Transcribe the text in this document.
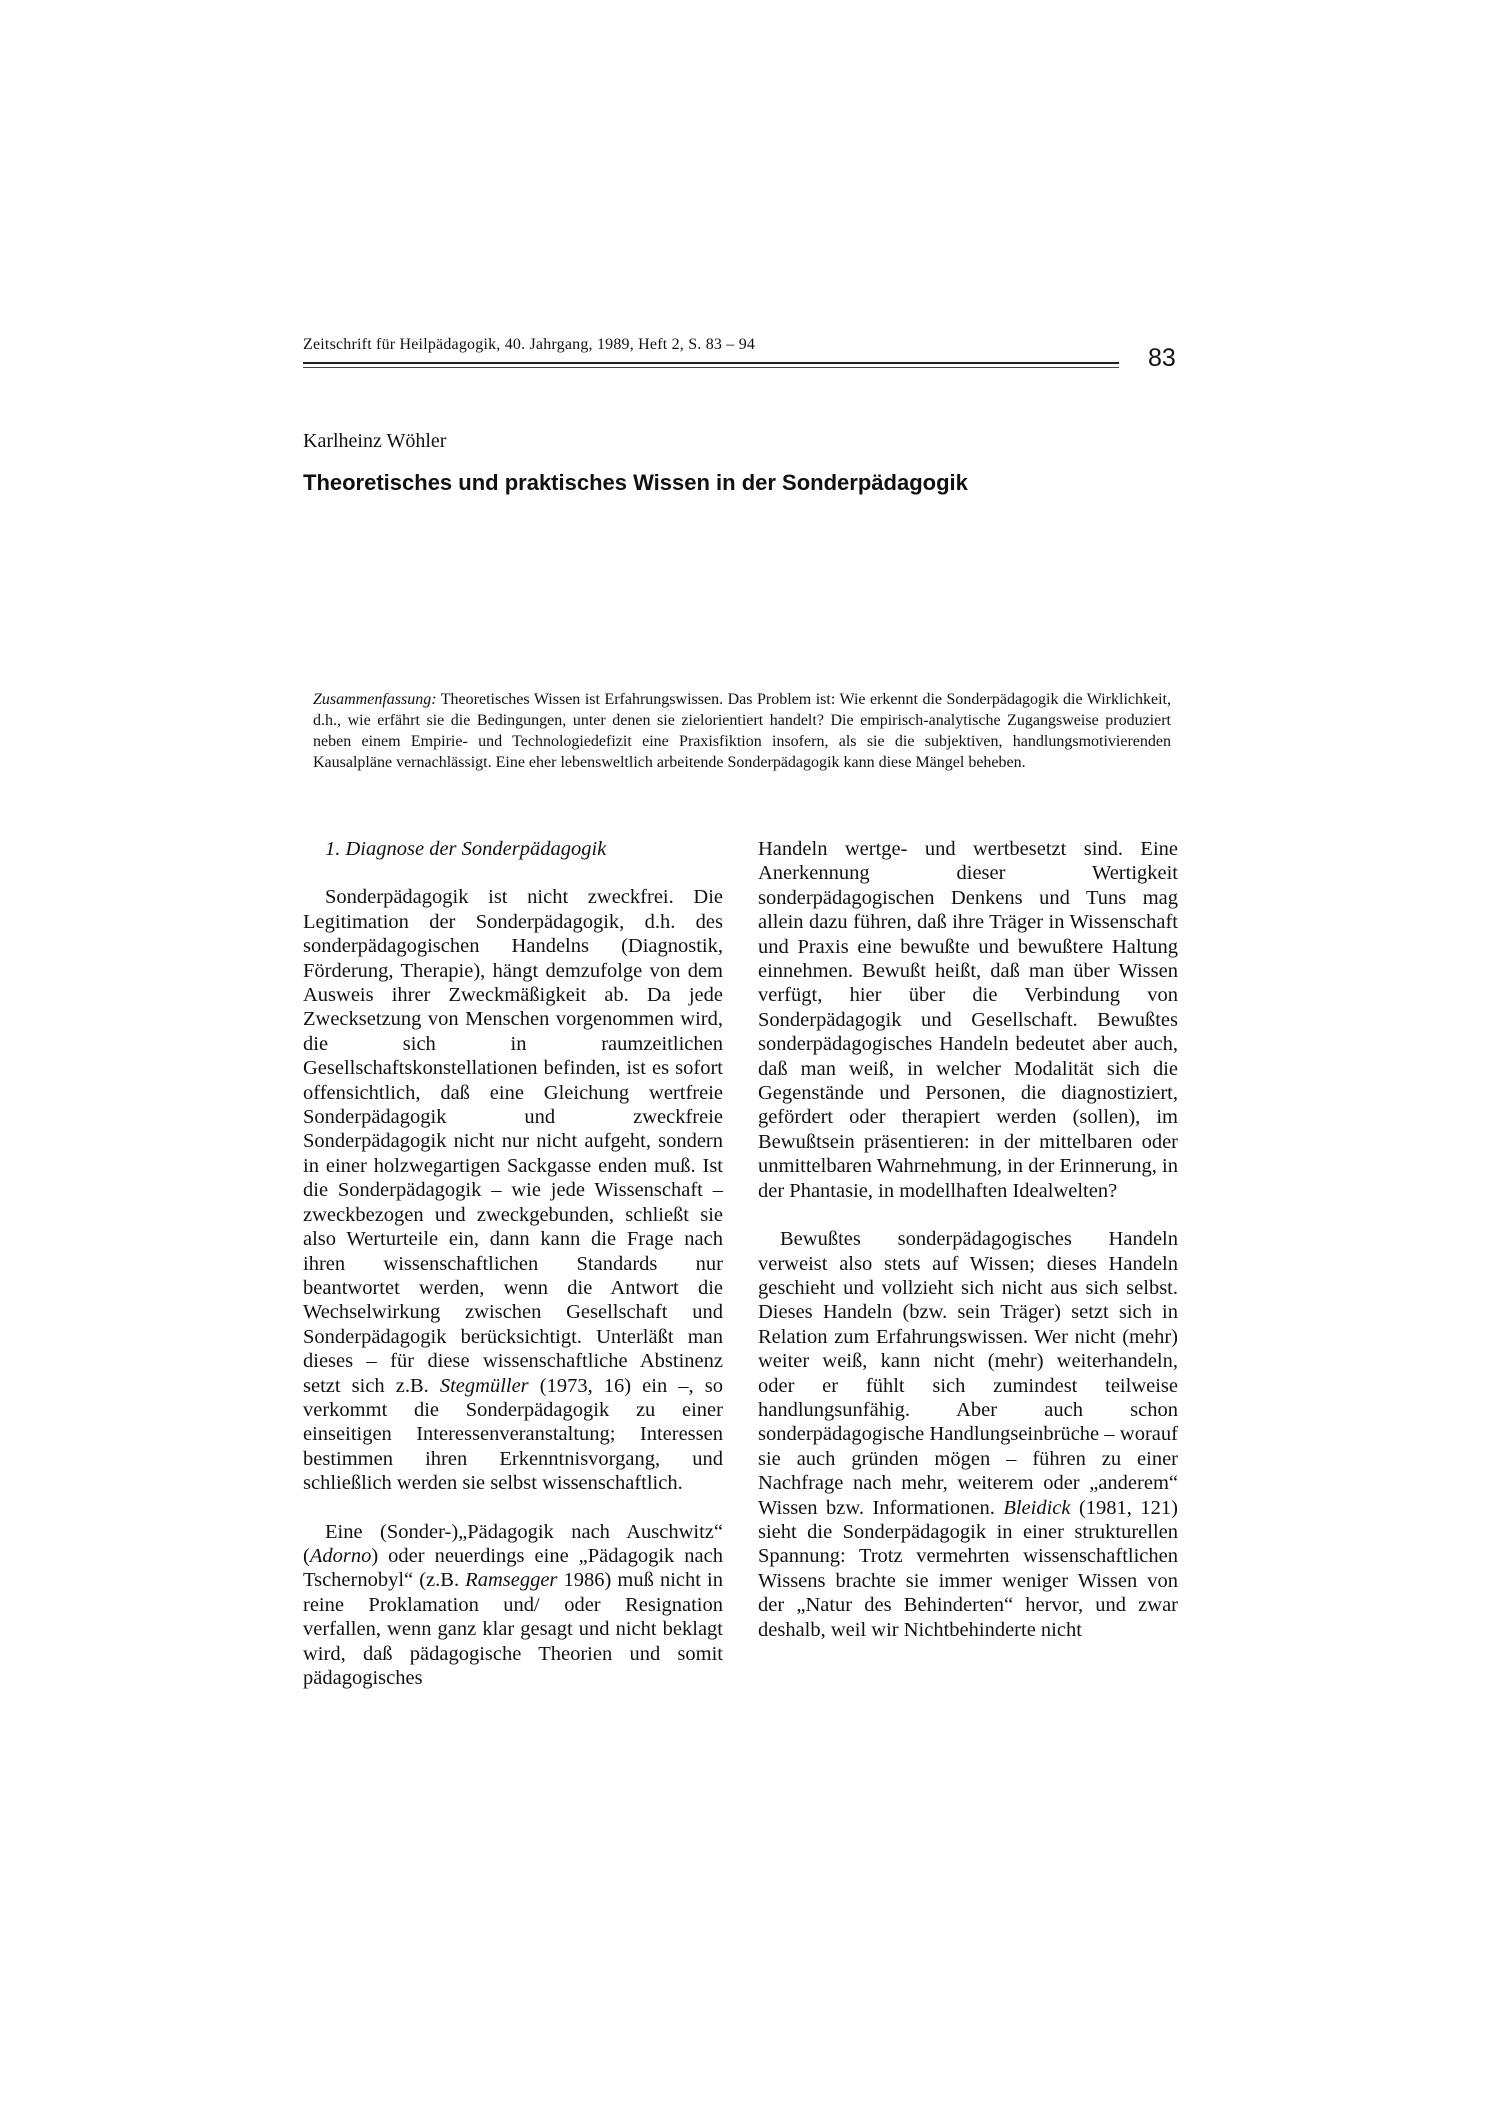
Zeitschrift für Heilpädagogik, 40. Jahrgang, 1989, Heft 2, S. 83 – 94	83
Karlheinz Wöhler
Theoretisches und praktisches Wissen in der Sonderpädagogik
Zusammenfassung: Theoretisches Wissen ist Erfahrungswissen. Das Problem ist: Wie erkennt die Sonderpädagogik die Wirklichkeit, d.h., wie erfährt sie die Bedingungen, unter denen sie zielorientiert handelt? Die empirisch-analytische Zugangsweise produziert neben einem Empirie- und Technologiedefizit eine Praxisfiktion insofern, als sie die subjektiven, handlungsmotivierenden Kausalpläne vernachlässigt. Eine eher lebensweltlich arbeitende Sonderpädagogik kann diese Mängel beheben.

1. Diagnose der Sonderpädagogik

Sonderpädagogik ist nicht zweckfrei. Die Legitimation der Sonderpädagogik, d.h. des sonderpädagogischen Handelns (Diagnostik, Förderung, Therapie), hängt demzufolge von dem Ausweis ihrer Zweckmäßigkeit ab. Da jede Zwecksetzung von Menschen vorgenommen wird, die sich in raumzeitlichen Gesellschaftskonstellationen befinden, ist es sofort offensichtlich, daß eine Gleichung wertfreie Sonderpädagogik und zweckfreie Sonderpädagogik nicht nur nicht aufgeht, sondern in einer holzwegartigen Sackgasse enden muß. Ist die Sonderpädagogik – wie jede Wissenschaft – zweckbezogen und zweckgebunden, schließt sie also Werturteile ein, dann kann die Frage nach ihren wissenschaftlichen Standards nur beantwortet werden, wenn die Antwort die Wechselwirkung zwischen Gesellschaft und Sonderpädagogik berücksichtigt. Unterläßt man dieses – für diese wissenschaftliche Abstinenz setzt sich z.B. Stegmüller (1973, 16) ein –, so verkommt die Sonderpädagogik zu einer einseitigen Interessenveranstaltung; Interessen bestimmen ihren Erkenntnisvorgang, und schließlich werden sie selbst wissenschaftlich.

Eine (Sonder-)„Pädagogik nach Auschwitz“ (Adorno) oder neuerdings eine „Pädagogik nach Tschernobyl“ (z.B. Ramsegger 1986) muß nicht in reine Proklamation und/ oder Resignation verfallen, wenn ganz klar gesagt und nicht beklagt wird, daß pädagogische Theorien und somit pädagogisches

Handeln wertge- und wertbesetzt sind. Eine Anerkennung dieser Wertigkeit sonderpädagogischen Denkens und Tuns mag allein dazu führen, daß ihre Träger in Wissenschaft und Praxis eine bewußte und bewußtere Haltung einnehmen. Bewußt heißt, daß man über Wissen verfügt, hier über die Verbindung von Sonderpädagogik und Gesellschaft. Bewußtes sonderpädagogisches Handeln bedeutet aber auch, daß man weiß, in welcher Modalität sich die Gegenstände und Personen, die diagnostiziert, gefördert oder therapiert werden (sollen), im Bewußtsein präsentieren: in der mittelbaren oder unmittelbaren Wahrnehmung, in der Erinnerung, in der Phantasie, in modellhaften Idealwelten?

Bewußtes sonderpädagogisches Handeln verweist also stets auf Wissen; dieses Handeln geschieht und vollzieht sich nicht aus sich selbst. Dieses Handeln (bzw. sein Träger) setzt sich in Relation zum Erfahrungswissen. Wer nicht (mehr) weiter weiß, kann nicht (mehr) weiterhandeln, oder er fühlt sich zumindest teilweise handlungsunfähig. Aber auch schon sonderpädagogische Handlungseinbrüche – worauf sie auch gründen mögen – führen zu einer Nachfrage nach mehr, weiterem oder „anderem“ Wissen bzw. Informationen. Bleidick (1981, 121) sieht die Sonderpädagogik in einer strukturellen Spannung: Trotz vermehrten wissenschaftlichen Wissens brachte sie immer weniger Wissen von der „Natur des Behinderten“ hervor, und zwar deshalb, weil wir Nichtbehinderte nicht
